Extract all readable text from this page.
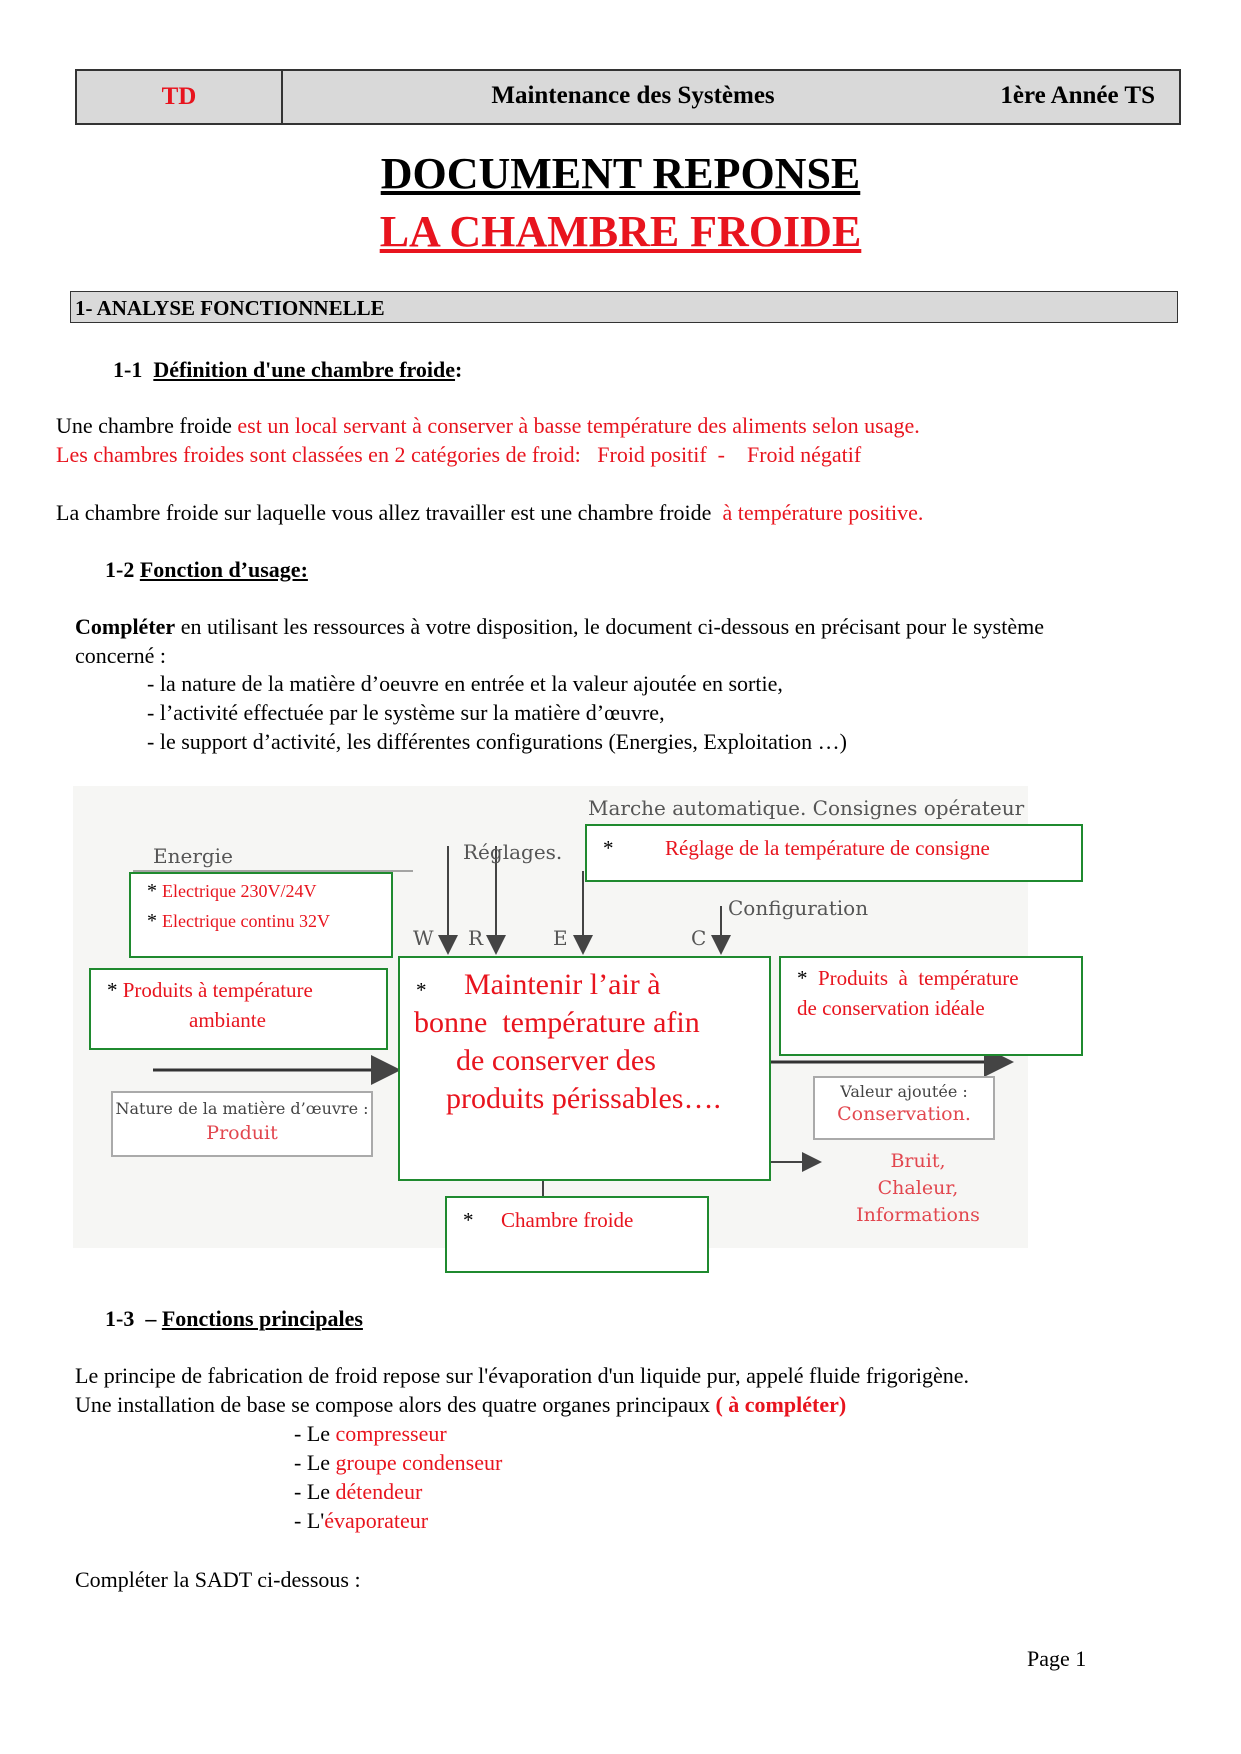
TD	Maintenance des Systèmes	1ère Année TS
DOCUMENT REPONSE
LA CHAMBRE FROIDE
1- ANALYSE FONCTIONNELLE
1-1 Définition d'une chambre froide:
Une chambre froide est un local servant à conserver à basse température des aliments selon usage.
Les chambres froides sont classées en 2 catégories de froid:   Froid positif  -    Froid négatif
La chambre froide sur laquelle vous allez travailler est une chambre froide  à température positive.
1-2 Fonction d’usage:
Compléter en utilisant les ressources à votre disposition, le document ci-dessous en précisant pour le système
concerné :
- la nature de la matière d’oeuvre en entrée et la valeur ajoutée en sortie,
- l’activité effectuée par le système sur la matière d’œuvre,
- le support d’activité, les différentes configurations (Energies, Exploitation …)
Marche automatique. Consignes opérateur
Energie	Réglages.
Configuration
W R	E	C
* Réglage de la température de consigne
* Electrique 230V/24V
* Electrique continu 32V
* Produits à température
ambiante
* Maintenir l’air à
bonne  température afin
de conserver des
produits périssables….
* Produits  à  température
de conservation idéale
Nature de la matière d’œuvre :
Produit
Valeur ajoutée :
Conservation.
Bruit, Chaleur,
Informations
* Chambre froide
1-3 – Fonctions principales
Le principe de fabrication de froid repose sur l'évaporation d'un liquide pur, appelé fluide frigorigène.
Une installation de base se compose alors des quatre organes principaux ( à compléter)
- Le compresseur
- Le groupe condenseur
- Le détendeur
- L'évaporateur
Compléter la SADT ci-dessous :
Page 1
